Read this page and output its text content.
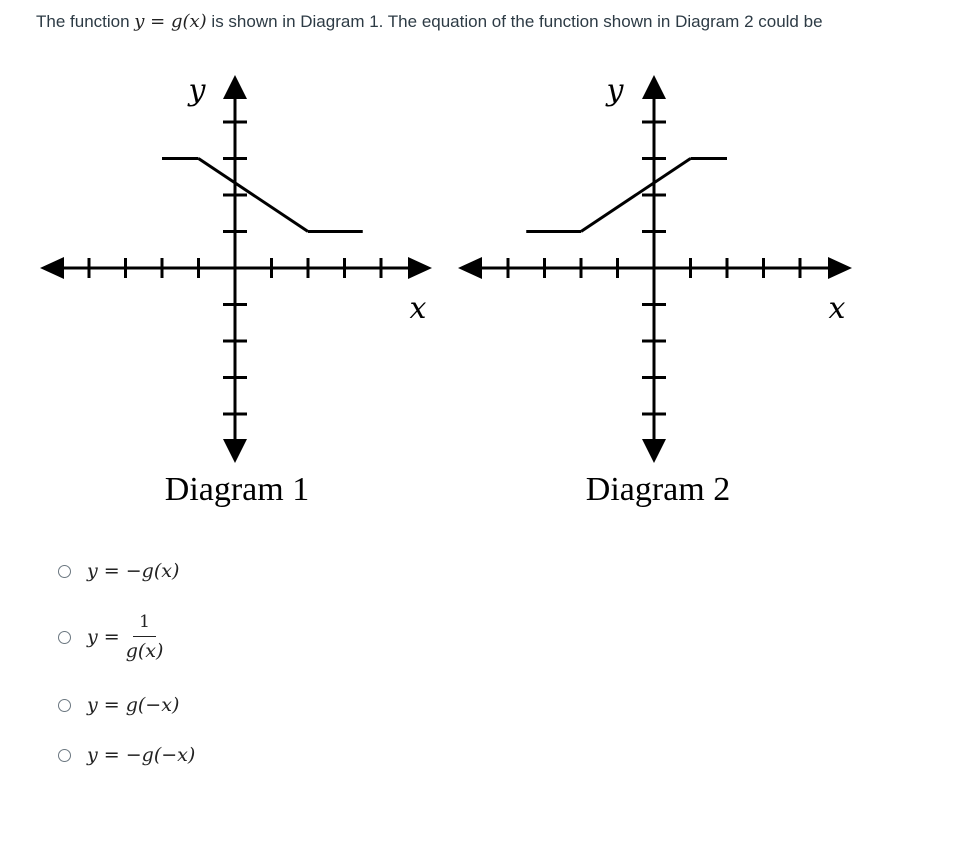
The function y = g(x) is shown in Diagram 1. The equation of the function shown in Diagram 2 could be
x
y
Diagram 1
x
y
Diagram 2
y = −g(x)
$y = \frac{1}{g(x)}$
y = g(−x)
y = −g(−x)
